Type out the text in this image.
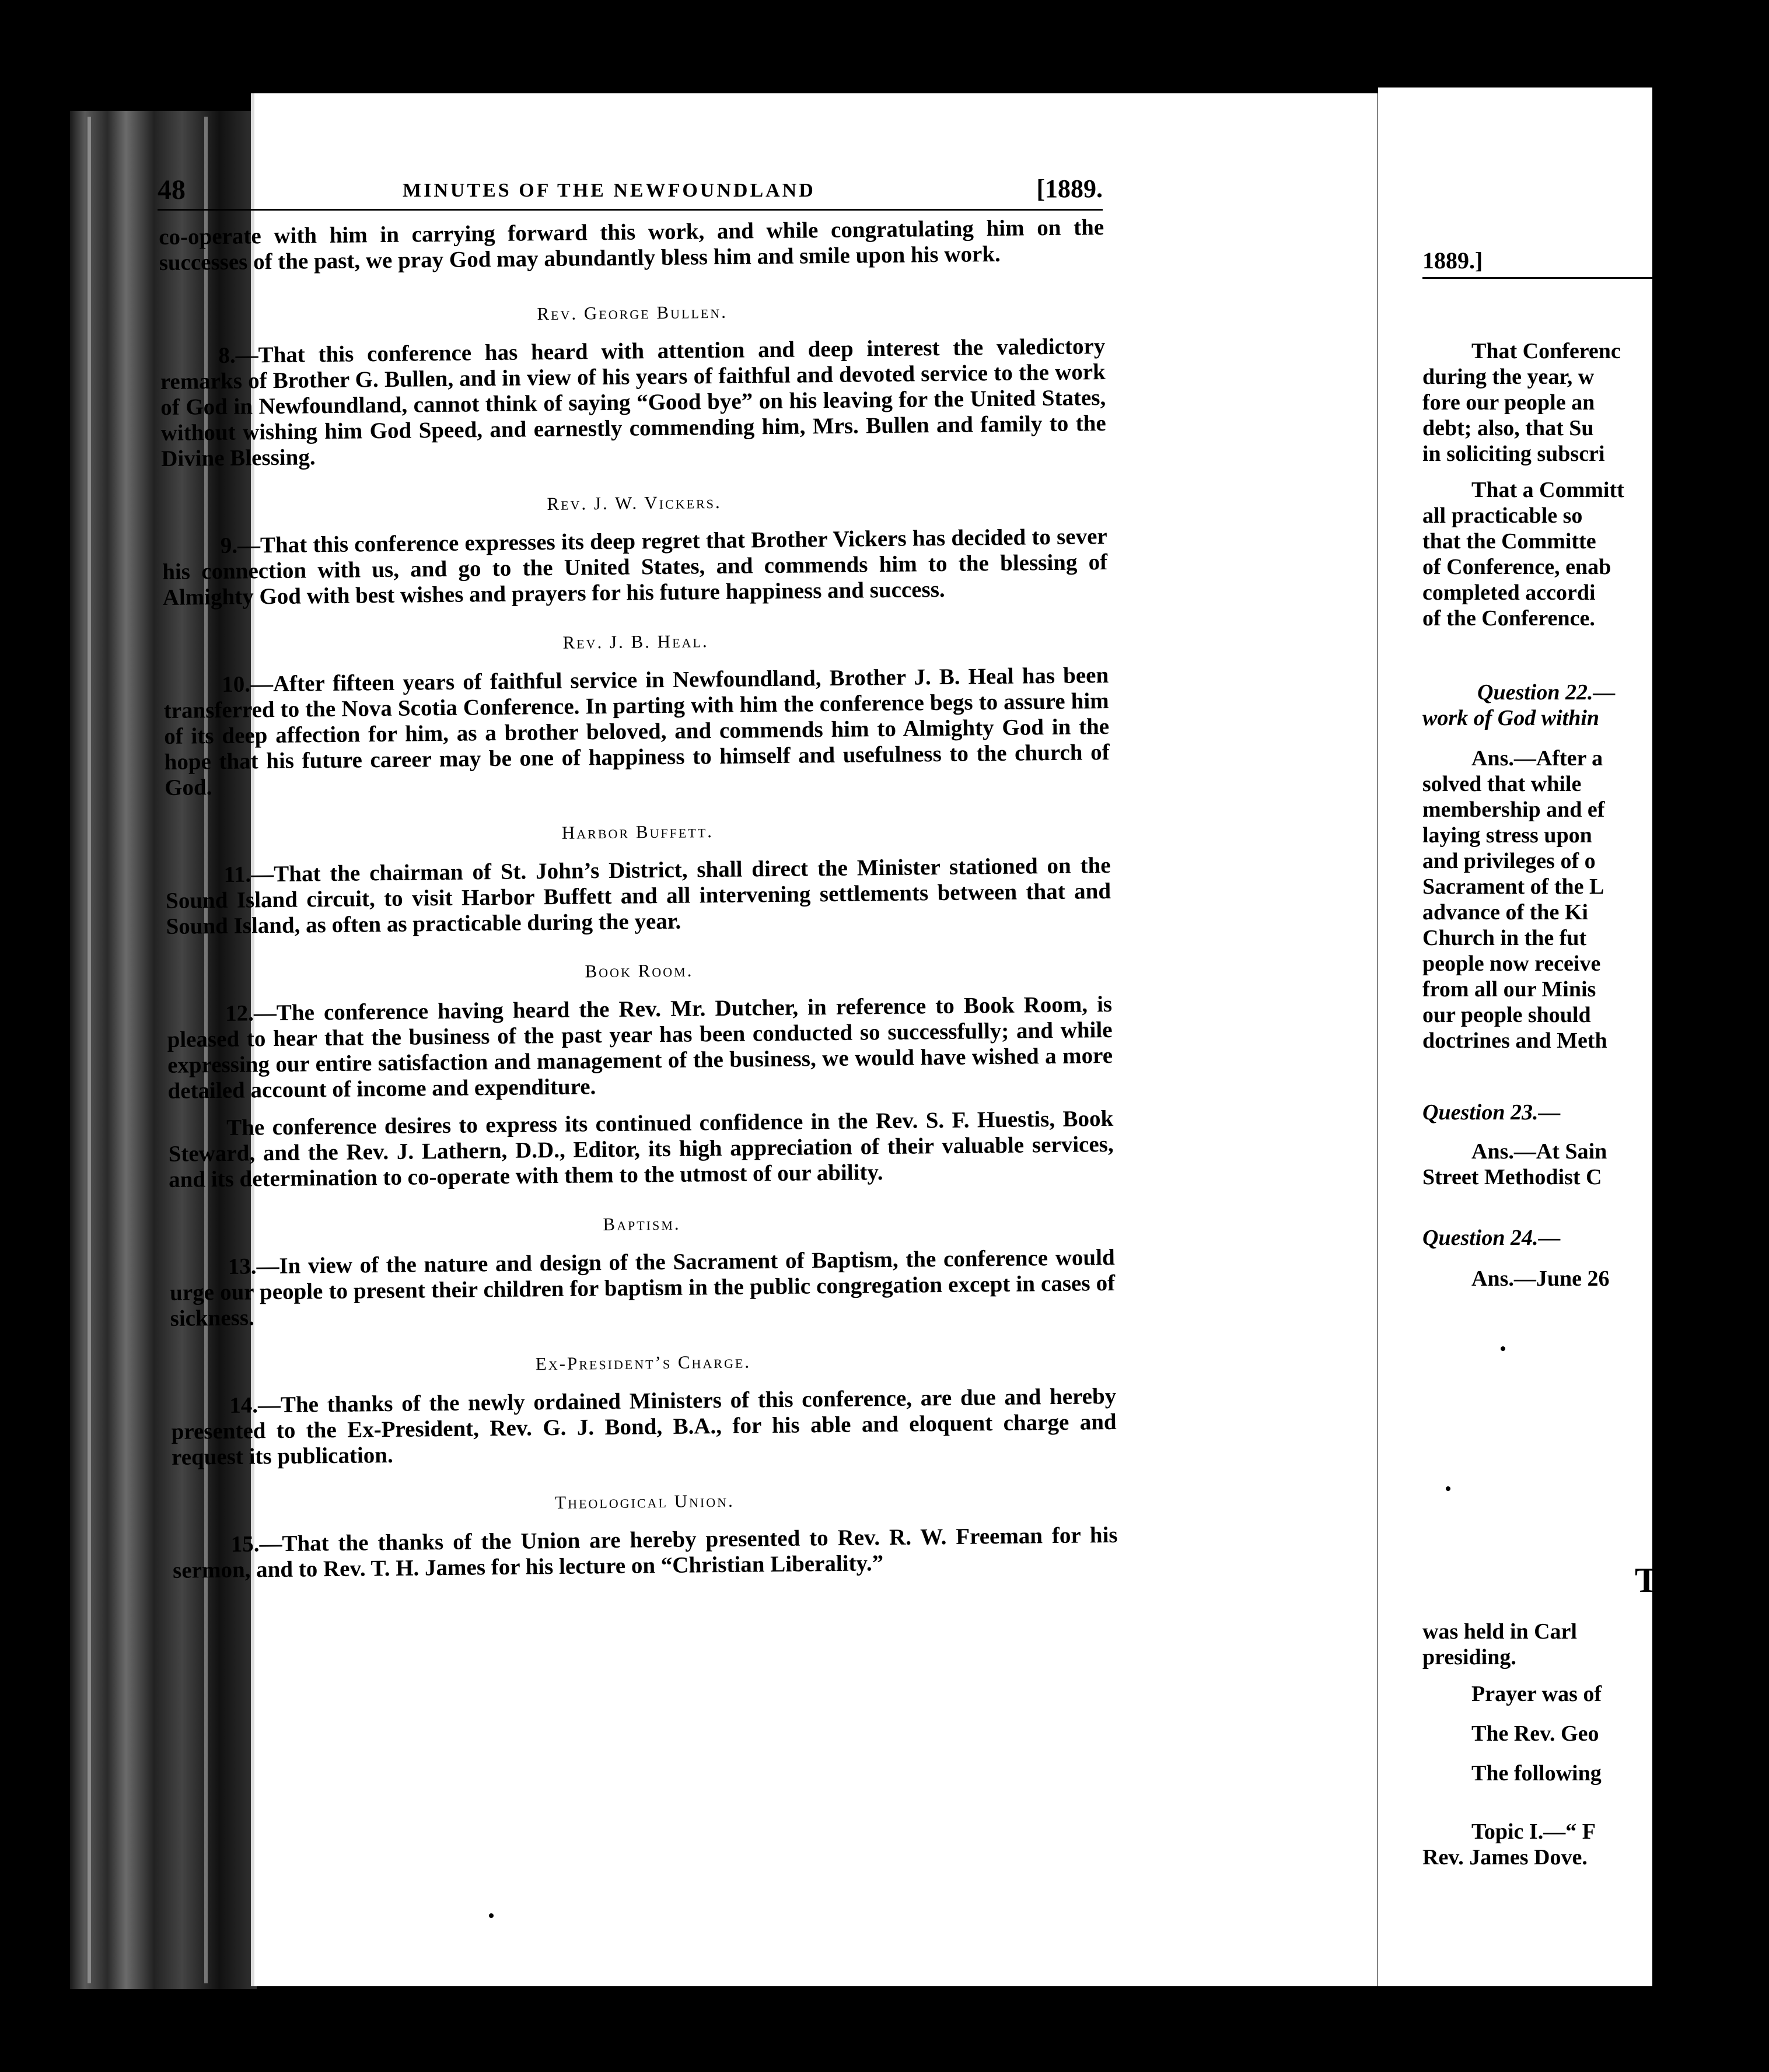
48	MINUTES OF THE NEWFOUNDLAND	[1889.

co-operate with him in carrying forward this work, and while congratulating him on the successes of the past, we pray God may abundantly bless him and smile upon his work.

Rev. George Bullen.

8.—That this conference has heard with attention and deep interest the valedictory remarks of Brother G. Bullen, and in view of his years of faithful and devoted service to the work of God in Newfoundland, cannot think of saying “Good bye” on his leaving for the United States, without wishing him God Speed, and earnestly commending him, Mrs. Bullen and family to the Divine Blessing.

Rev. J. W. Vickers.

9.—That this conference expresses its deep regret that Brother Vickers has decided to sever his connection with us, and go to the United States, and commends him to the blessing of Almighty God with best wishes and prayers for his future happiness and success.

Rev. J. B. Heal.

10.—After fifteen years of faithful service in Newfoundland, Brother J. B. Heal has been transferred to the Nova Scotia Conference. In parting with him the conference begs to assure him of its deep affection for him, as a brother beloved, and commends him to Almighty God in the hope that his future career may be one of happiness to himself and usefulness to the church of God.

Harbor Buffett.

11.—That the chairman of St. John’s District, shall direct the Minister stationed on the Sound Island circuit, to visit Harbor Buffett and all intervening settlements between that and Sound Island, as often as practicable during the year.

Book Room.

12.—The conference having heard the Rev. Mr. Dutcher, in reference to Book Room, is pleased to hear that the business of the past year has been conducted so successfully; and while expressing our entire satisfaction and management of the business, we would have wished a more detailed account of income and expenditure.

The conference desires to express its continued confidence in the Rev. S. F. Huestis, Book Steward, and the Rev. J. Lathern, D.D., Editor, its high appreciation of their valuable services, and its determination to co-operate with them to the utmost of our ability.

Baptism.

13.—In view of the nature and design of the Sacrament of Baptism, the conference would urge our people to present their children for baptism in the public congregation except in cases of sickness.

Ex-President’s Charge.

14.—The thanks of the newly ordained Ministers of this conference, are due and hereby presented to the Ex-President, Rev. G. J. Bond, B.A., for his able and eloquent charge and request its publication.

Theological Union.

15.—That the thanks of the Union are hereby presented to Rev. R. W. Freeman for his sermon, and to Rev. T. H. James for his lecture on “Christian Liberality.”

1889.]
That Conferenc
during the year, w
fore our people an
debt; also, that Su
in soliciting subscri
That a Committ
all practicable so
that the Committe
of Conference, enab
completed accordi
of the Conference.
Question 22.—
work of God within
Ans.—After a
solved that while
membership and ef
laying stress upon
and privileges of o
Sacrament of the L
advance of the Ki
Church in the fut
people now receive
from all our Minis
our people should
doctrines and Meth
Question 23.—
Ans.—At Sain
Street Methodist C
Question 24.—
Ans.—June 26
T
was held in Carl
presiding.
Prayer was of
The Rev. Geo
The following
Topic I.—“ F
Rev. James Dove.
